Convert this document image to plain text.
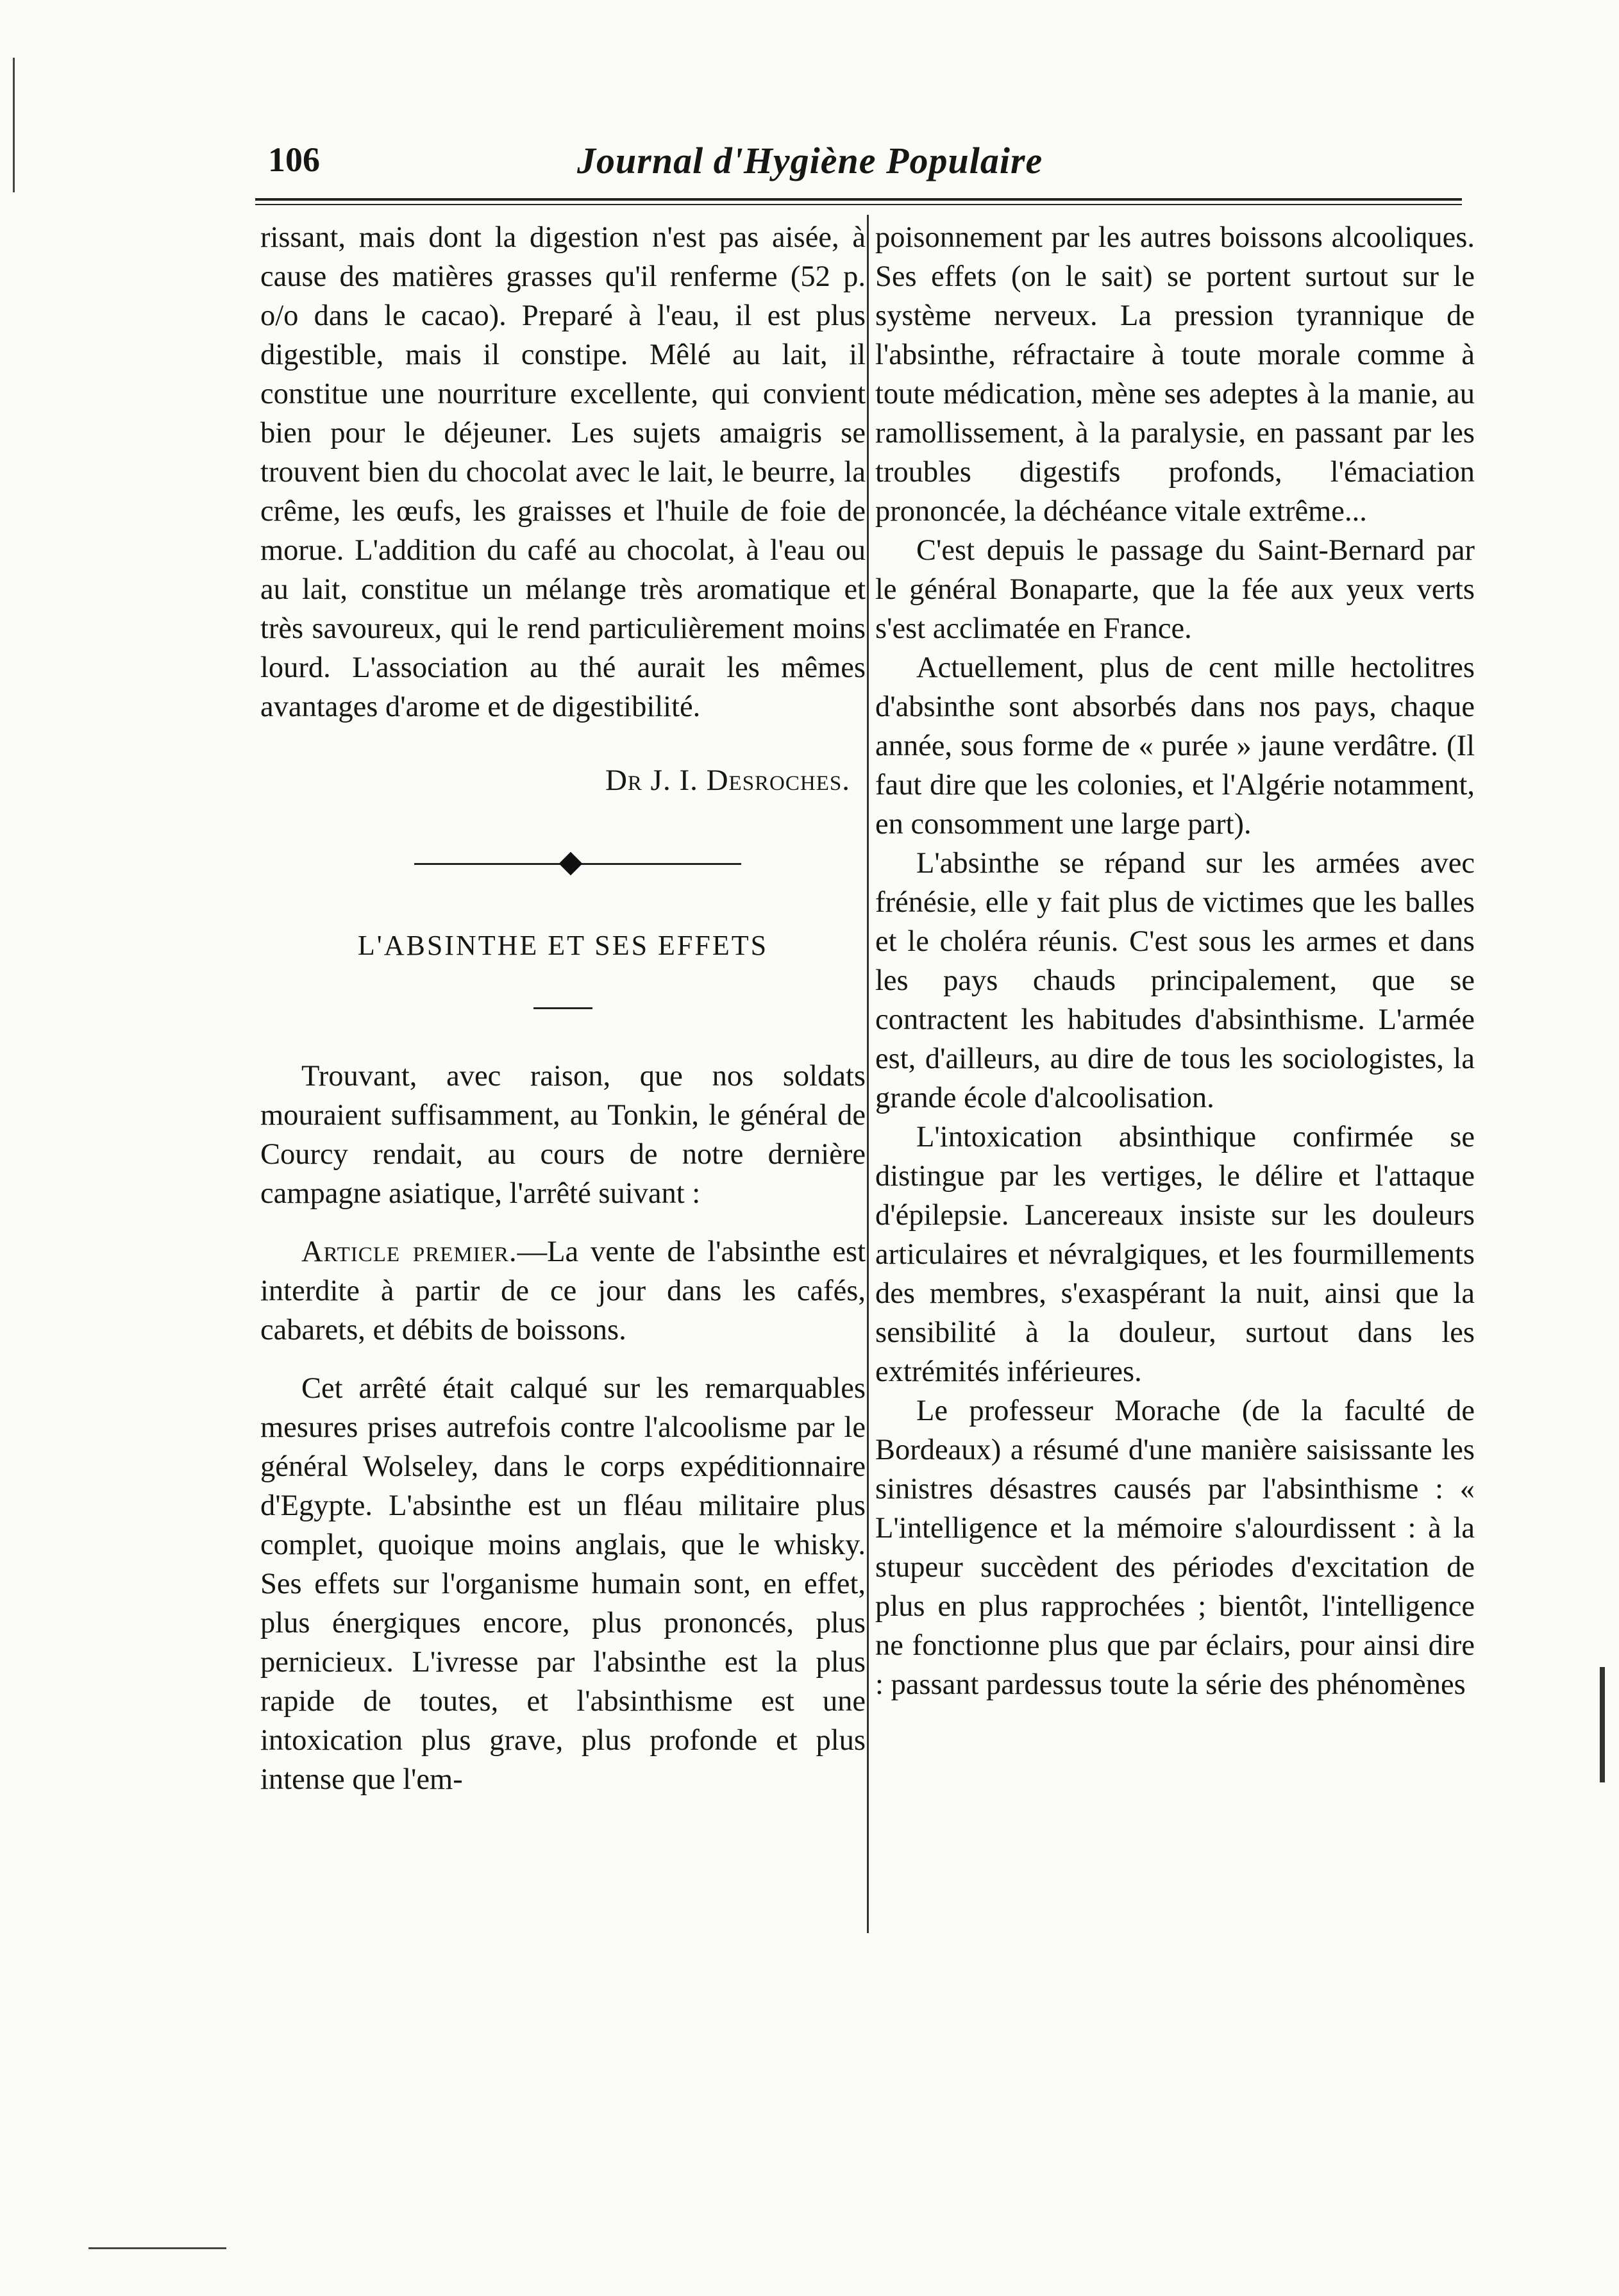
106	Journal d'Hygiène Populaire

rissant, mais dont la digestion n'est pas aisée, à cause des matières grasses qu'il renferme (52 p. o/o dans le cacao). Preparé à l'eau, il est plus digestible, mais il constipe. Mêlé au lait, il constitue une nourriture excellente, qui convient bien pour le déjeuner. Les sujets amaigris se trouvent bien du chocolat avec le lait, le beurre, la crême, les œufs, les graisses et l'huile de foie de morue. L'addition du café au chocolat, à l'eau ou au lait, constitue un mélange très aromatique et très savoureux, qui le rend particulièrement moins lourd. L'association au thé aurait les mêmes avantages d'arome et de digestibilité.

Dr J. I. Desroches.
L'ABSINTHE ET SES EFFETS

Trouvant, avec raison, que nos soldats mouraient suffisamment, au Tonkin, le général de Courcy rendait, au cours de notre dernière campagne asiatique, l'arrêté suivant :

Article premier.—La vente de l'absinthe est interdite à partir de ce jour dans les cafés, cabarets, et débits de boissons.

Cet arrêté était calqué sur les remarquables mesures prises autrefois contre l'alcoolisme par le général Wolseley, dans le corps expéditionnaire d'Egypte. L'absinthe est un fléau militaire plus complet, quoique moins anglais, que le whisky. Ses effets sur l'organisme humain sont, en effet, plus énergiques encore, plus prononcés, plus pernicieux. L'ivresse par l'absinthe est la plus rapide de toutes, et l'absinthisme est une intoxication plus grave, plus profonde et plus intense que l'em-

poisonnement par les autres boissons alcooliques. Ses effets (on le sait) se portent surtout sur le système nerveux. La pression tyrannique de l'absinthe, réfractaire à toute morale comme à toute médication, mène ses adeptes à la manie, au ramollissement, à la paralysie, en passant par les troubles digestifs profonds, l'émaciation prononcée, la déchéance vitale extrême...

C'est depuis le passage du Saint-Bernard par le général Bonaparte, que la fée aux yeux verts s'est acclimatée en France.

Actuellement, plus de cent mille hectolitres d'absinthe sont absorbés dans nos pays, chaque année, sous forme de « purée » jaune verdâtre. (Il faut dire que les colonies, et l'Algérie notamment, en consomment une large part).

L'absinthe se répand sur les armées avec frénésie, elle y fait plus de victimes que les balles et le choléra réunis. C'est sous les armes et dans les pays chauds principalement, que se contractent les habitudes d'absinthisme. L'armée est, d'ailleurs, au dire de tous les sociologistes, la grande école d'alcoolisation.

L'intoxication absinthique confirmée se distingue par les vertiges, le délire et l'attaque d'épilepsie. Lancereaux insiste sur les douleurs articulaires et névralgiques, et les fourmillements des membres, s'exaspérant la nuit, ainsi que la sensibilité à la douleur, surtout dans les extrémités inférieures.

Le professeur Morache (de la faculté de Bordeaux) a résumé d'une manière saisissante les sinistres désastres causés par l'absinthisme : « L'intelligence et la mémoire s'alourdissent : à la stupeur succèdent des périodes d'excitation de plus en plus rapprochées ; bientôt, l'intelligence ne fonctionne plus que par éclairs, pour ainsi dire : passant pardessus toute la série des phénomènes
